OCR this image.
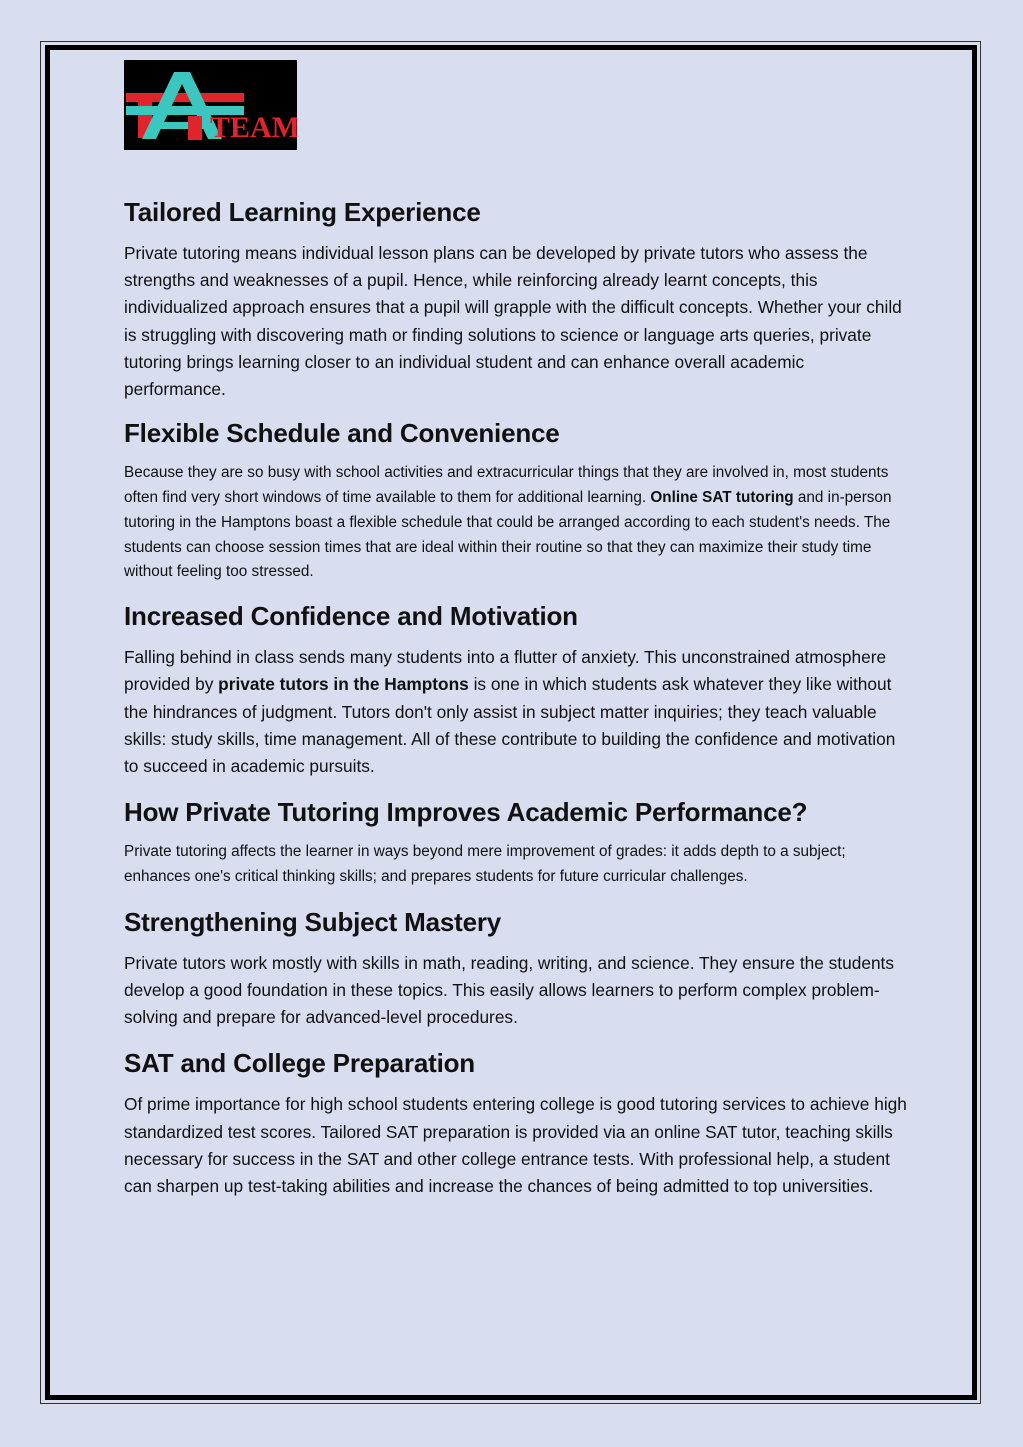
TEAM
Tailored Learning Experience

Private tutoring means individual lesson plans can be developed by private tutors who assess the strengths and weaknesses of a pupil. Hence, while reinforcing already learnt concepts, this individualized approach ensures that a pupil will grapple with the difficult concepts. Whether your child is struggling with discovering math or finding solutions to science or language arts queries, private tutoring brings learning closer to an individual student and can enhance overall academic performance.

Flexible Schedule and Convenience

Because they are so busy with school activities and extracurricular things that they are involved in, most students often find very short windows of time available to them for additional learning. Online SAT tutoring and in-person tutoring in the Hamptons boast a flexible schedule that could be arranged according to each student's needs. The students can choose session times that are ideal within their routine so that they can maximize their study time without feeling too stressed.

Increased Confidence and Motivation

Falling behind in class sends many students into a flutter of anxiety. This unconstrained atmosphere provided by private tutors in the Hamptons is one in which students ask whatever they like without the hindrances of judgment. Tutors don't only assist in subject matter inquiries; they teach valuable skills: study skills, time management. All of these contribute to building the confidence and motivation to succeed in academic pursuits.

How Private Tutoring Improves Academic Performance?

Private tutoring affects the learner in ways beyond mere improvement of grades: it adds depth to a subject; enhances one's critical thinking skills; and prepares students for future curricular challenges.

Strengthening Subject Mastery

Private tutors work mostly with skills in math, reading, writing, and science. They ensure the students develop a good foundation in these topics. This easily allows learners to perform complex problem-solving and prepare for advanced-level procedures.

SAT and College Preparation

Of prime importance for high school students entering college is good tutoring services to achieve high standardized test scores. Tailored SAT preparation is provided via an online SAT tutor, teaching skills necessary for success in the SAT and other college entrance tests. With professional help, a student can sharpen up test-taking abilities and increase the chances of being admitted to top universities.
